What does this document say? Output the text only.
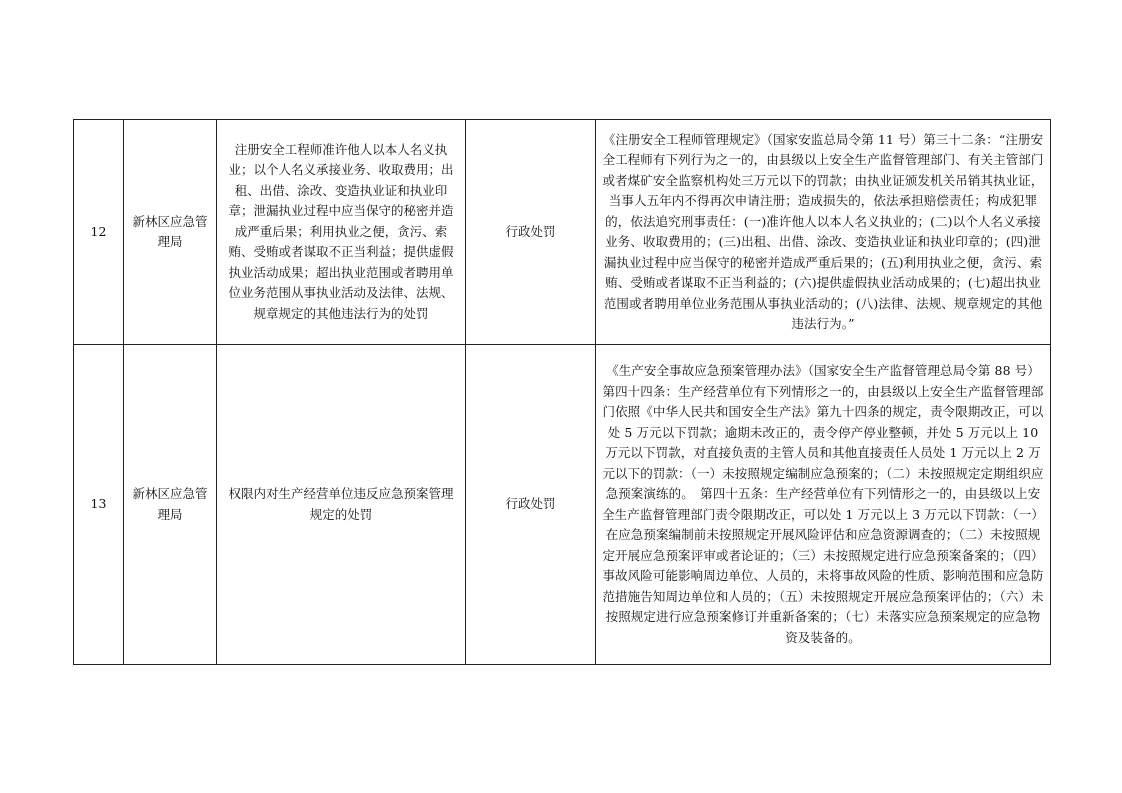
12	新林区应急管理局	注册安全工程师准许他人以本人名义执业；以个人名义承接业务、收取费用；出租、出借、涂改、变造执业证和执业印章；泄漏执业过程中应当保守的秘密并造成严重后果；利用执业之便，贪污、索贿、受贿或者谋取不正当利益；提供虚假执业活动成果；超出执业范围或者聘用单位业务范围从事执业活动及法律、法规、规章规定的其他违法行为的处罚	行政处罚	《注册安全工程师管理规定》（国家安监总局令第 11 号）第三十二条：“注册安全工程师有下列行为之一的，由县级以上安全生产监督管理部门、有关主管部门或者煤矿安全监察机构处三万元以下的罚款；由执业证颁发机关吊销其执业证，当事人五年内不得再次申请注册；造成损失的，依法承担赔偿责任；构成犯罪的，依法追究刑事责任：(一)准许他人以本人名义执业的；(二)以个人名义承接业务、收取费用的；(三)出租、出借、涂改、变造执业证和执业印章的；(四)泄漏执业过程中应当保守的秘密并造成严重后果的；(五)利用执业之便，贪污、索贿、受贿或者谋取不正当利益的；(六)提供虚假执业活动成果的；(七)超出执业范围或者聘用单位业务范围从事执业活动的；(八)法律、法规、规章规定的其他违法行为。”
13	新林区应急管理局	权限内对生产经营单位违反应急预案管理规定的处罚	行政处罚	《生产安全事故应急预案管理办法》（国家安全生产监督管理总局令第 88 号）第四十四条：生产经营单位有下列情形之一的，由县级以上安全生产监督管理部门依照《中华人民共和国安全生产法》第九十四条的规定，责令限期改正，可以处 5 万元以下罚款；逾期未改正的，责令停产停业整顿，并处 5 万元以上 10 万元以下罚款，对直接负责的主管人员和其他直接责任人员处 1 万元以上 2 万元以下的罚款：（一）未按照规定编制应急预案的；（二）未按照规定定期组织应急预案演练的。　第四十五条：生产经营单位有下列情形之一的，由县级以上安全生产监督管理部门责令限期改正，可以处 1 万元以上 3 万元以下罚款：（一）在应急预案编制前未按照规定开展风险评估和应急资源调查的；（二）未按照规定开展应急预案评审或者论证的；（三）未按照规定进行应急预案备案的；（四）事故风险可能影响周边单位、人员的，未将事故风险的性质、影响范围和应急防范措施告知周边单位和人员的；（五）未按照规定开展应急预案评估的；（六）未按照规定进行应急预案修订并重新备案的；（七）未落实应急预案规定的应急物资及装备的。
